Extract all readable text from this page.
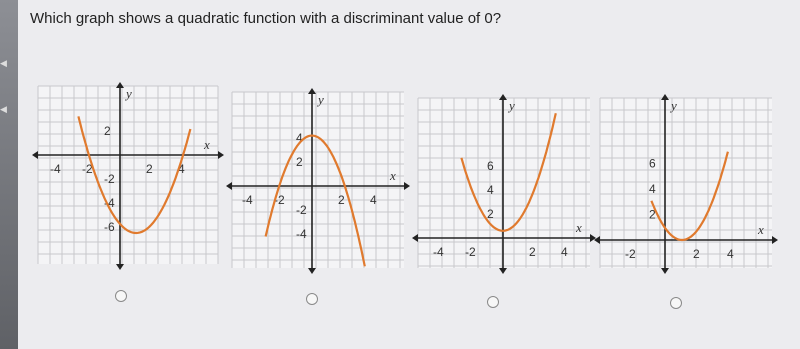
◀
◀
Which graph shows a quadratic function with a discriminant value of 0?
x
y
2
-2
-4
-6
-4 -2	2 4	x
y
4
2
-2
-4
-4 -2	2 4
x
y
6
4
2
-4 -2	2 4
x
y
6
4
2
-2	2 4
